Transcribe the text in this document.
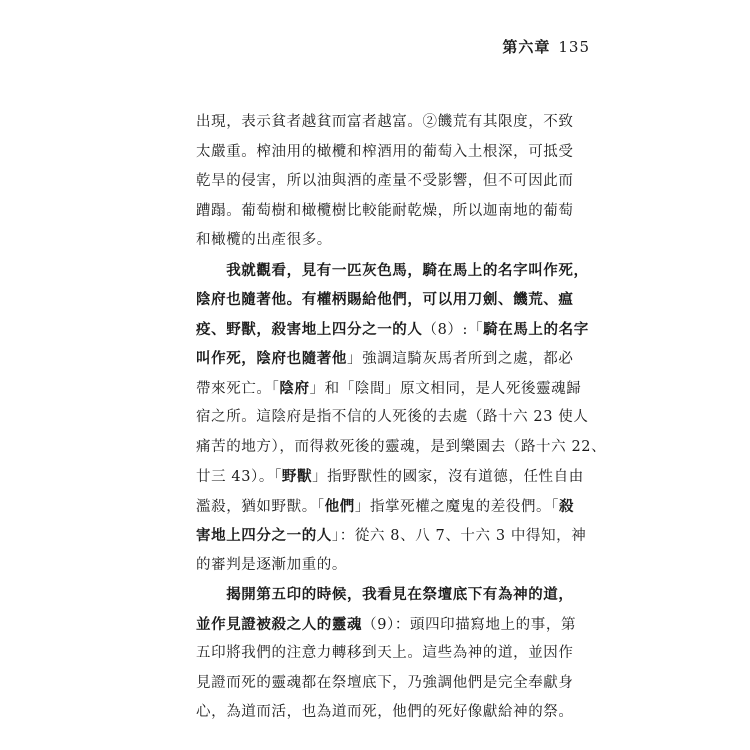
第六章 135
出現，表示貧者越貧而富者越富。②饑荒有其限度，不致
太嚴重。榨油用的橄欖和榨酒用的葡萄入土根深，可抵受
乾旱的侵害，所以油與酒的產量不受影響，但不可因此而
蹧蹋。葡萄樹和橄欖樹比較能耐乾燥，所以迦南地的葡萄
和橄欖的出產很多。
　　我就觀看，見有一匹灰色馬，騎在馬上的名字叫作死，
陰府也隨著他。有權柄賜給他們，可以用刀劍、饑荒、瘟
疫、野獸，殺害地上四分之一的人（8）:「騎在馬上的名字
叫作死，陰府也隨著他」強調這騎灰馬者所到之處，都必
帶來死亡。「陰府」和「陰間」原文相同，是人死後靈魂歸
宿之所。這陰府是指不信的人死後的去處（路十六 23 使人
痛苦的地方），而得救死後的靈魂，是到樂園去（路十六 22、
廿三 43）。「野獸」指野獸性的國家，沒有道德，任性自由
濫殺，猶如野獸。「他們」指掌死權之魔鬼的差役們。「殺
害地上四分之一的人」：從六 8、八 7、十六 3 中得知，神
的審判是逐漸加重的。
　　揭開第五印的時候，我看見在祭壇底下有為神的道，
並作見證被殺之人的靈魂（9）：頭四印描寫地上的事，第
五印將我們的注意力轉移到天上。這些為神的道，並因作
見證而死的靈魂都在祭壇底下，乃強調他們是完全奉獻身
心，為道而活，也為道而死，他們的死好像獻給神的祭。
